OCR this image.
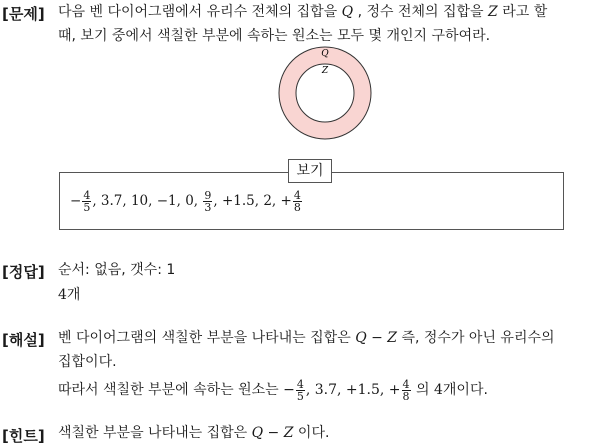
[문제] 다음 벤 다이어그램에서 유리수 전체의 집합을 Q , 정수 전체의 집합을 Z 라고 할
때, 보기 중에서 색칠한 부분에 속하는 원소는 모두 몇 개인지 구하여라.
Q
Z
보기
− $\frac{4}{5}$ , 3.7, 10, −1, 0, $\frac{9}{3}$ , +1.5, 2, + $\frac{4}{8}$
[정답] 순서: 없음, 갯수: 1
4개
[해설] 벤 다이어그램의 색칠한 부분을 나타내는 집합은 Q − Z 즉, 정수가 아닌 유리수의
집합이다.
따라서 색칠한 부분에 속하는 원소는 − $\frac{4}{5}$ , 3.7, +1.5, + $\frac{4}{8}$ 의 4개이다.
[힌트] 색칠한 부분을 나타내는 집합은 Q − Z 이다.
